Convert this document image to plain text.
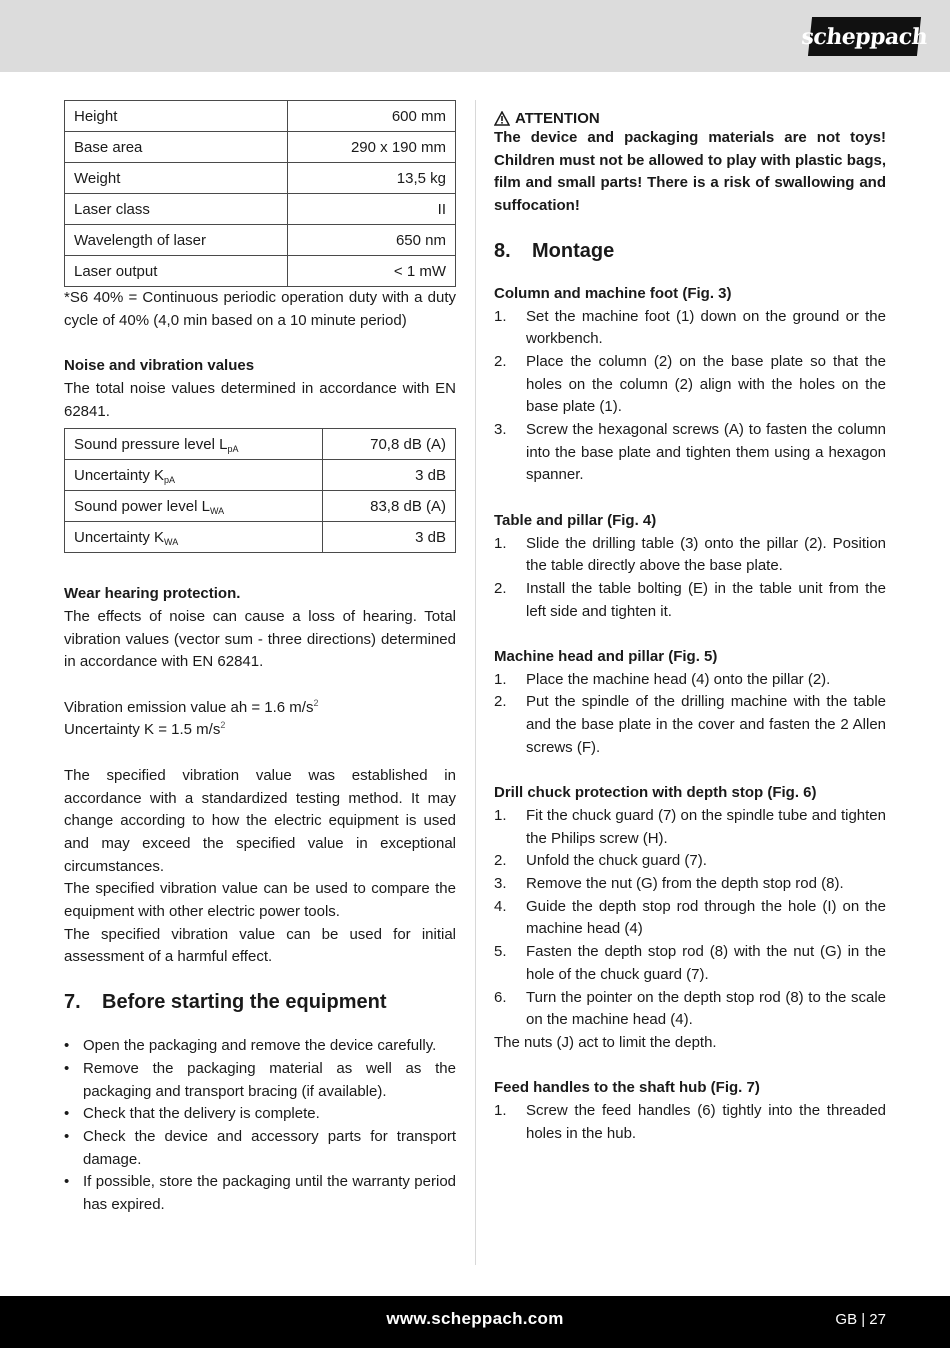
scheppach
Height	600 mm
Base area	290 x 190 mm
Weight	13,5 kg
Laser class	II
Wavelength of laser	650 nm
Laser output	< 1 mW

*S6 40% = Continuous periodic operation duty with a duty cycle of 40% (4,0 min based on a 10 minute period)

Noise and vibration values

The total noise values determined in accordance with EN 62841.

Sound pressure level $L_{pA}$	70,8 dB (A)
Uncertainty $K_{pA}$	3 dB
Sound power level $L_{WA}$	83,8 dB (A)
Uncertainty $K_{WA}$	3 dB

Wear hearing protection.

The effects of noise can cause a loss of hearing. Total vibration values (vector sum - three directions) determined in accordance with EN 62841.

Vibration emission value ah = 1.6 $m/s^2$

Uncertainty K = 1.5 $m/s^2$

The specified vibration value was established in accordance with a standardized testing method. It may change according to how the electric equipment is used and may exceed the specified value in exceptional circumstances.

The specified vibration value can be used to compare the equipment with other electric power tools.

The specified vibration value can be used for initial assessment of a harmful effect.

7.	Before starting the equipment
• Open the packaging and remove the device carefully.
• Remove the packaging material as well as the packaging and transport bracing (if available).
• Check that the delivery is complete.
• Check the device and accessory parts for transport damage.
• If possible, store the packaging until the warranty period has expired.
ATTENTION

The device and packaging materials are not toys! Children must not be allowed to play with plastic bags, film and small parts! There is a risk of swallowing and suffocation!

8.	Montage

Column and machine foot (Fig. 3)

1. Set the machine foot (1) down on the ground or the workbench.
2. Place the column (2) on the base plate so that the holes on the column (2) align with the holes on the base plate (1).
3. Screw the hexagonal screws (A) to fasten the column into the base plate and tighten them using a hexagon spanner.

Table and pillar (Fig. 4)

1. Slide the drilling table (3) onto the pillar (2). Position the table directly above the base plate.
2. Install the table bolting (E) in the table unit from the left side and tighten it.

Machine head and pillar (Fig. 5)

1. Place the machine head (4) onto the pillar (2).
2. Put the spindle of the drilling machine with the table and the base plate in the cover and fasten the 2 Allen screws (F).

Drill chuck protection with depth stop (Fig. 6)

1. Fit the chuck guard (7) on the spindle tube and tighten the Philips screw (H).
2. Unfold the chuck guard (7).
3. Remove the nut (G) from the depth stop rod (8).
4. Guide the depth stop rod through the hole (I) on the machine head (4)
5. Fasten the depth stop rod (8) with the nut (G) in the hole of the chuck guard (7).
6. Turn the pointer on the depth stop rod (8) to the scale on the machine head (4).

The nuts (J) act to limit the depth.

Feed handles to the shaft hub (Fig. 7)

1. Screw the feed handles (6) tightly into the threaded holes in the hub.
www.scheppach.com	GB | 27
